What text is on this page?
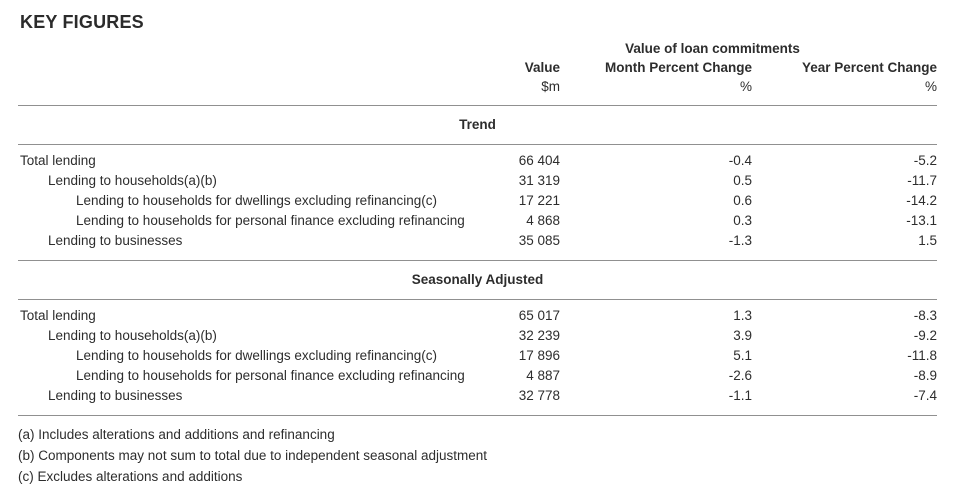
KEY FIGURES
	Value of loan commitments		
	Value	Month Percent Change	Year Percent Change
	$m	%	%
Trend			
Total lending	66 404	-0.4	-5.2
Lending to households(a)(b)	31 319	0.5	-11.7
Lending to households for dwellings excluding refinancing(c)	17 221	0.6	-14.2
Lending to households for personal finance excluding refinancing	4 868	0.3	-13.1
Lending to businesses	35 085	-1.3	1.5
Seasonally Adjusted			
Total lending	65 017	1.3	-8.3
Lending to households(a)(b)	32 239	3.9	-9.2
Lending to households for dwellings excluding refinancing(c)	17 896	5.1	-11.8
Lending to households for personal finance excluding refinancing	4 887	-2.6	-8.9
Lending to businesses	32 778	-1.1	-7.4

(a) Includes alterations and additions and refinancing

(b) Components may not sum to total due to independent seasonal adjustment

(c) Excludes alterations and additions
